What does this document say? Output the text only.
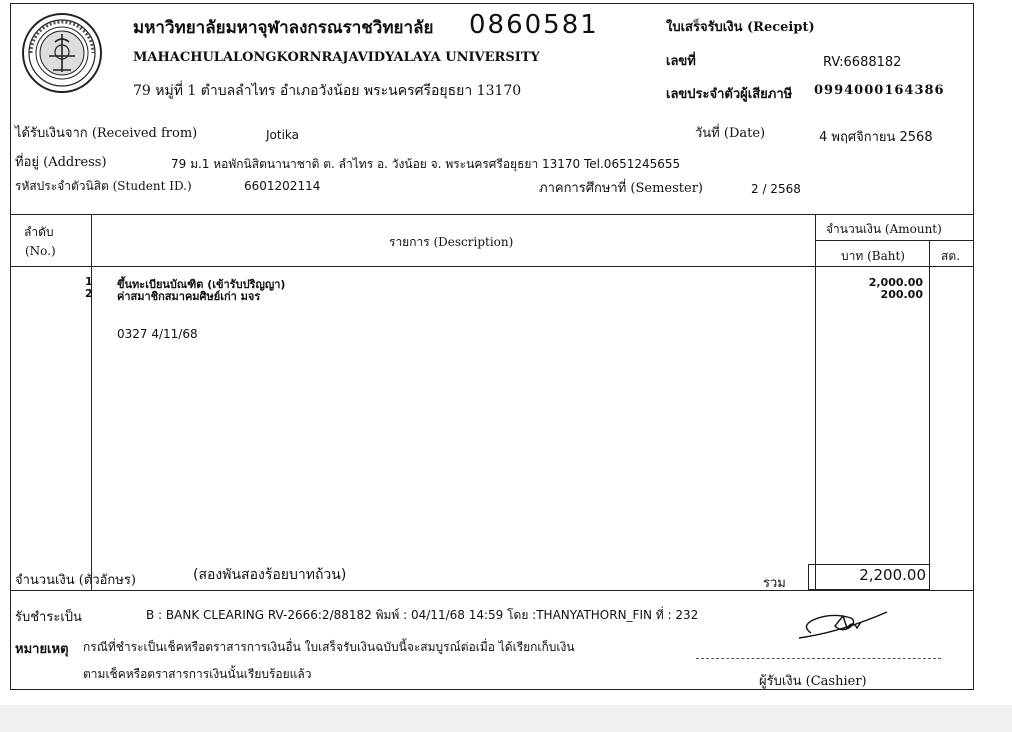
มหาวิทยาลัยมหาจุฬาลงกรณราชวิทยาลัย 0860581
MAHACHULALONGKORNRAJAVIDYALAYA UNIVERSITY
79 หมู่ที่ 1 ตำบลลำไทร อำเภอวังน้อย พระนครศรีอยุธยา 13170
ใบเสร็จรับเงิน (Receipt)
เลขที่	RV:6688182
เลขประจำตัวผู้เสียภาษี 0994000164386
ได้รับเงินจาก (Received from)	Jotika	วันที่ (Date)	4 พฤศจิกายน 2568
ที่อยู่ (Address)	79 ม.1 หอพักนิสิตนานาชาติ ต. ลำไทร อ. วังน้อย จ. พระนครศรีอยุธยา 13170 Tel.0651245655
รหัสประจำตัวนิสิต (Student ID.)	6601202114	ภาคการศึกษาที่ (Semester)	2 / 2568
ลำดับ
(No.)
รายการ (Description)
จำนวนเงิน (Amount)
บาท (Baht)	สต.
1 ขึ้นทะเบียนบัณฑิต (เข้ารับปริญญา)	2,000.00
2 ค่าสมาชิกสมาคมศิษย์เก่า มจร	200.00
0327 4/11/68
จำนวนเงิน (ตัวอักษร)	(สองพันสองร้อยบาทถ้วน)
รวม	2,200.00
รับชำระเป็น	B : BANK CLEARING RV-2666:2/88182 พิมพ์ : 04/11/68 14:59 โดย :THANYATHORN_FIN ที่ : 232
หมายเหตุ กรณีที่ชำระเป็นเช็คหรือตราสารการเงินอื่น ใบเสร็จรับเงินฉบับนี้จะสมบูรณ์ต่อเมื่อ ได้เรียกเก็บเงิน
ตามเช็คหรือตราสารการเงินนั้นเรียบร้อยแล้ว	ผู้รับเงิน (Cashier)
